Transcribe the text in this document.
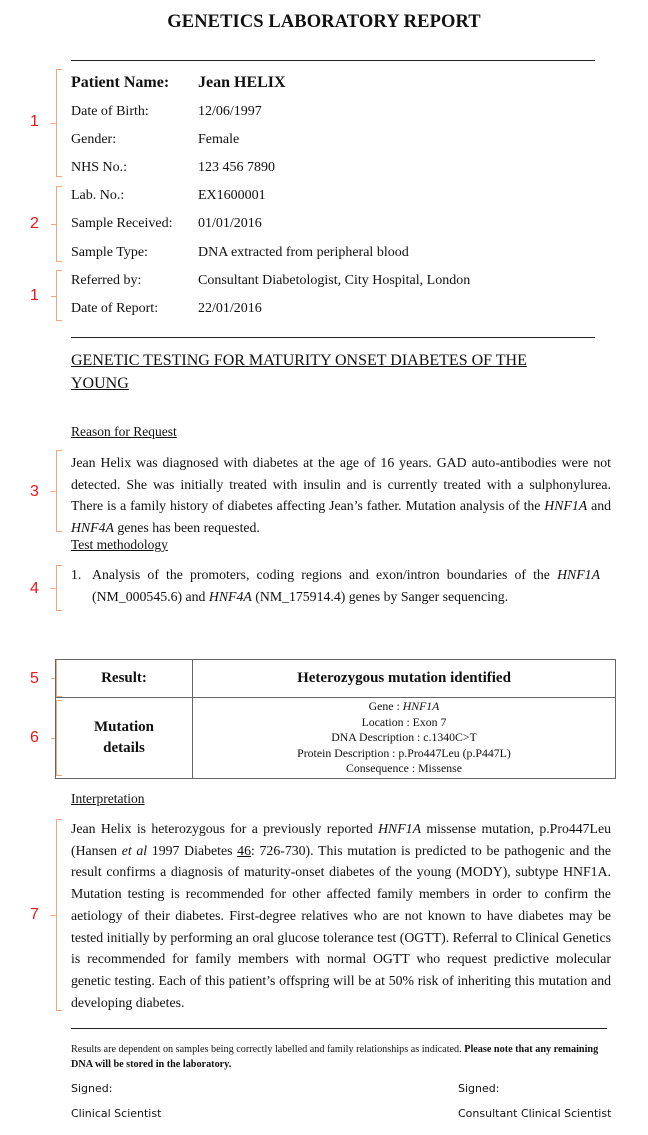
GENETICS LABORATORY REPORT
1
2
1
3
4
5
6
7
Patient Name: Jean HELIX
Date of Birth:	12/06/1997
Gender:	Female
NHS No.:	123 456 7890
Lab. No.:	EX1600001
Sample Received: 01/01/2016
Sample Type:	DNA extracted from peripheral blood
Referred by:	Consultant Diabetologist, City Hospital, London
Date of Report:	22/01/2016
GENETIC TESTING FOR MATURITY ONSET DIABETES OF THE
YOUNG
Reason for Request
Jean Helix was diagnosed with diabetes at the age of 16 years. GAD auto-antibodies were not detected. She was initially treated with insulin and is currently treated with a sulphonylurea. There is a family history of diabetes affecting Jean’s father. Mutation analysis of the HNF1A and HNF4A genes has been requested.
Test methodology
1. Analysis of the promoters, coding regions and exon/intron boundaries of the HNF1A (NM_000545.6) and HNF4A (NM_175914.4) genes by Sanger sequencing.
Result:	Heterozygous mutation identified

Mutation
details

Gene : HNF1A
Location : Exon 7
DNA Description : c.1340C>T
Protein Description : p.Pro447Leu (p.P447L)
Consequence : Missense
Interpretation
Jean Helix is heterozygous for a previously reported HNF1A missense mutation, p.Pro447Leu (Hansen et al 1997 Diabetes 46: 726-730). This mutation is predicted to be pathogenic and the result confirms a diagnosis of maturity-onset diabetes of the young (MODY), subtype HNF1A. Mutation testing is recommended for other affected family members in order to confirm the aetiology of their diabetes. First-degree relatives who are not known to have diabetes may be tested initially by performing an oral glucose tolerance test (OGTT). Referral to Clinical Genetics is recommended for family members with normal OGTT who request predictive molecular genetic testing. Each of this patient’s offspring will be at 50% risk of inheriting this mutation and developing diabetes.
Results are dependent on samples being correctly labelled and family relationships as indicated. Please note that any remaining DNA will be stored in the laboratory.
Signed:
Clinical Scientist
Signed:
Consultant Clinical Scientist
